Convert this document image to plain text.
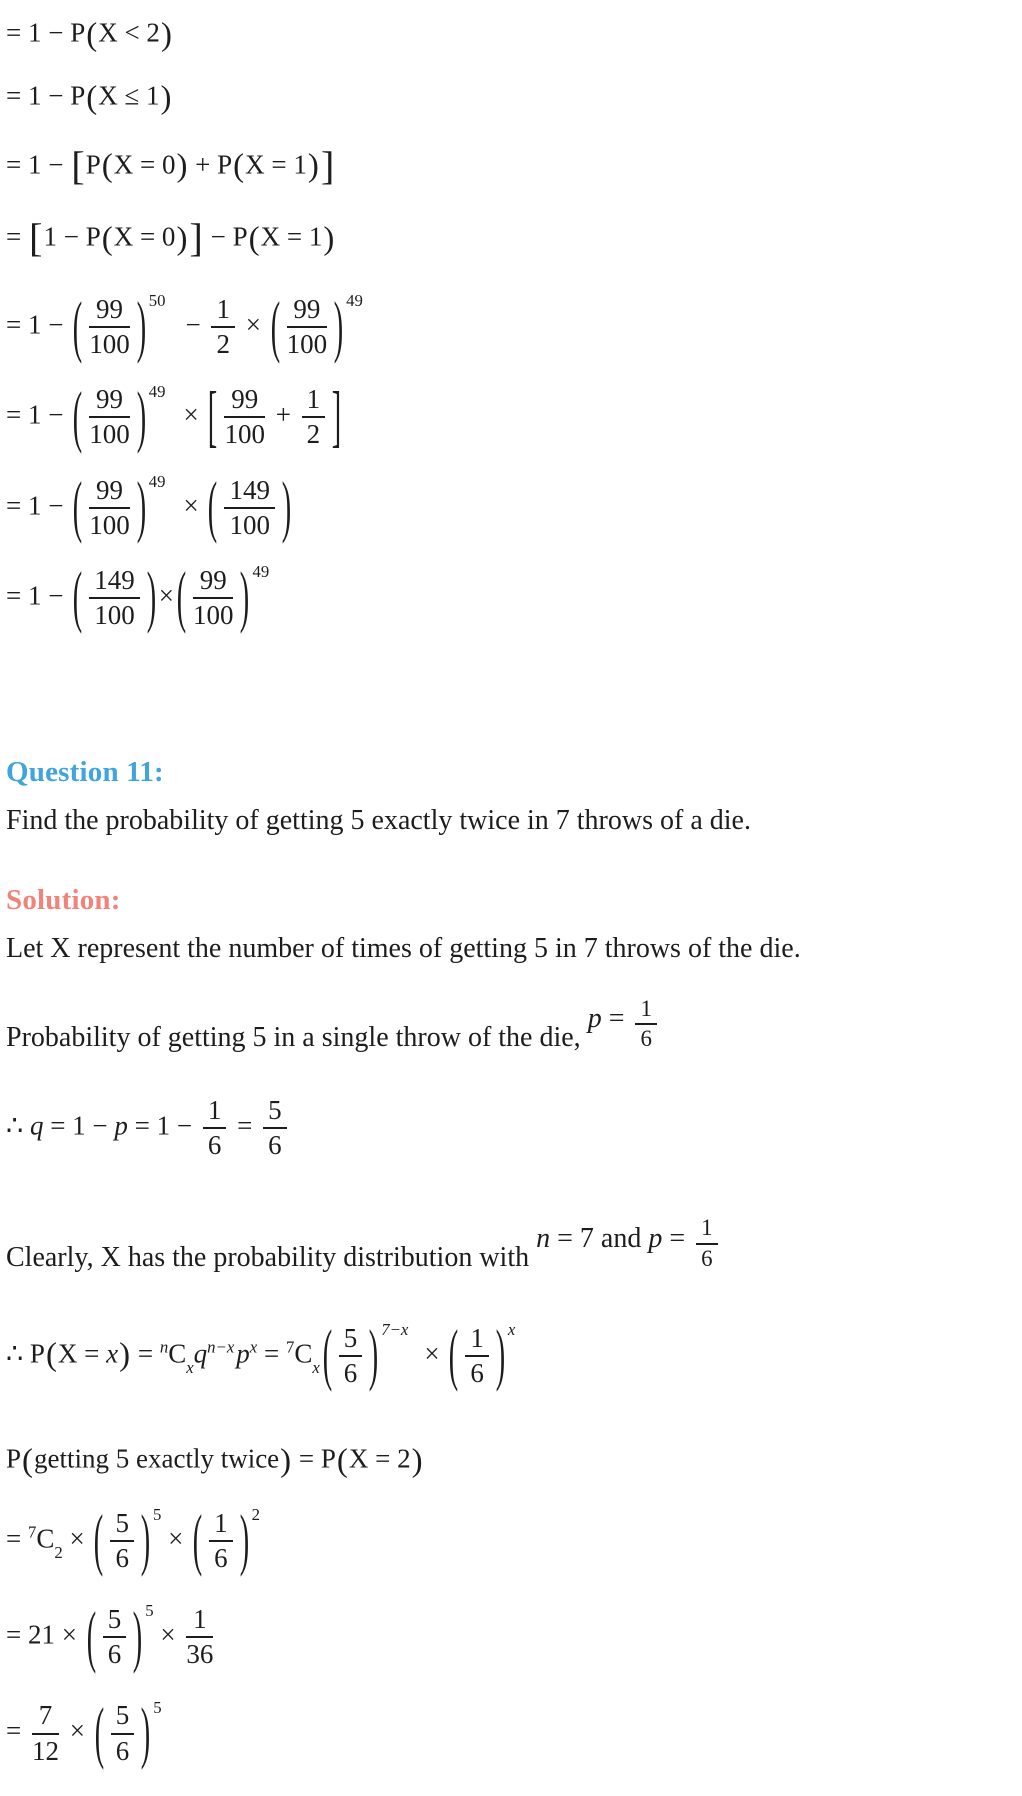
= 1 − P(X < 2)
= 1 − P(X ≤ 1)
= 1 − [P(X = 0) + P(X = 1)]
= [1 − P(X = 0)] − P(X = 1)
= 1 − ( $\frac{99}{100}$ ) $^{50}- \frac{1}{2}$ × ( $\frac{99}{100}$ ) $^{49}$
= 1 − ( $\frac{99}{100}$ ) $^{49}$× [ $\frac{99}{100} + \frac{1}{2}$ ]
= 1 − ( $\frac{99}{100}$ ) $^{49}$× ( $\frac{149}{100}$ )
= 1 − ( $\frac{149}{100}$ ) × ( $\frac{99}{100}$ ) $^{49}$
Question 11:
Find the probability of getting 5 exactly twice in 7 throws of a die.
Solution:
Let X represent the number of times of getting 5 in 7 throws of the die.
Probability of getting 5 in a single throw of the die, $p = \frac{1}{6}$
∴ $q = 1 - p = 1 - \frac{1}{6} = \frac{5}{6}$
Clearly, X has the probability distribution with n = 7 and $p = \frac{1}{6}$
∴ $P(X = x) = ^nC_xq^{n-x}p^x = ^7C_x$ ( $\frac{5}{6}$ ) $^{7-x}$× ( $\frac{1}{6}$ ) $^x$
P(getting 5 exactly twice) = P(X = 2)
= $^7C_2$ × ( $\frac{5}{6}$ ) $^5$ × ( $\frac{1}{6}$ ) $^2$
= 21 × ( $\frac{5}{6}$ ) $^5 \times \frac{1}{36}$
= $\frac{7}{12}$ × ( $\frac{5}{6}$ ) $^5$
